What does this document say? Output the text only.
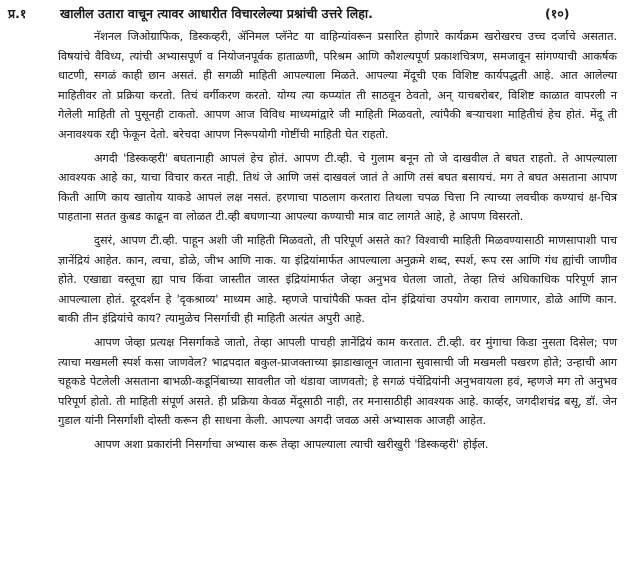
प्र.१	खालील उतारा वाचून त्यावर आधारीत विचारलेल्या प्रश्नांची उत्तरे लिहा.	(१०)

नॅशनल जिओग्राफिक, डिस्कव्हरी, ॲनिमल प्लॅनेट या वाहिन्यांवरून प्रसारित होणारे कार्यक्रम खरोखरच उच्च दर्जाचे असतात. विषयांचे वैविध्य, त्यांची अभ्यासपूर्ण व नियोजनपूर्वक हाताळणी, परिश्रम आणि कौशल्यपूर्ण प्रकाशचित्रण, समजावून सांगण्याची आकर्षक धाटणी, सगळं काही छान असतं. ही सगळी माहिती आपल्याला मिळते. आपल्या मेंदूची एक विशिष्ट कार्यपद्धती आहे. आत आलेल्या माहितीवर तो प्रक्रिया करतो. तिचं वर्गीकरण करतो. योग्य त्या कप्प्यांत ती साठवून ठेवतो, अन् याचबरोबर, विशिष्ट काळात वापरली न गेलेली माहिती तो पुसूनही टाकतो. आपण आज विविध माध्यमांद्वारे जी माहिती मिळवतो, त्यांपैकी बऱ्याचशा माहितीचं हेच होतं. मेंदू ती अनावश्यक रद्दी फेकून देतो. बरेचदा आपण निरूपयोगी गोष्टींची माहिती घेत राहतो.

अगदी 'डिस्कव्हरी' बघतानाही आपलं हेच होतं. आपण टी.व्ही. चे गुलाम बनून तो जे दाखवील ते बघत राहतो. ते आपल्याला आवश्यक आहे का, याचा विचार करत नाही. तिथं जे आणि जसं दाखवलं जातं ते आणि तसं बघत बसायचं. मग ते बघत असताना आपण किती आणि काय खातोय याकडे आपलं लक्ष नसतं. हरणाचा पाठलाग करतारा तिथला चपळ चित्ता नि त्याच्या लवचीक कण्याचं क्ष-चित्र पाहताना सतत कुबड काढून वा लोळत टी.व्ही बघणाऱ्या आपल्या कण्याची मात्र वाट लागते आहे, हे आपण विसरतो.

दुसरं, आपण टी.व्ही. पाहून अशी जी माहिती मिळवतो, ती परिपूर्ण असते का? विश्वाची माहिती मिळवण्यासाठी माणसापाशी पाच ज्ञानेंद्रियं आहेत. कान, त्वचा, डोळे, जीभ आणि नाक. या इंद्रियांमार्फत आपल्याला अनुक्रमे शब्द, स्पर्श, रूप रस आणि गंध ह्यांची जाणीव होते. एखाद्या वस्तूचा ह्या पाच किंवा जास्तीत जास्त इंद्रियांमार्फत जेव्हा अनुभव घेतला जातो, तेव्हा तिचं अधिकाधिक परिपूर्ण ज्ञान आपल्याला होतं. दूरदर्शन हे 'दृकश्राव्य' माध्यम आहे. म्हणजे पाचांपैकी फक्त दोन इंद्रियांचा उपयोग करावा लागणार, डोळे आणि कान. बाकी तीन इंद्रियांचे काय? त्यामुळेच निसर्गाची ही माहिती अत्यंत अपुरी आहे.

आपण जेव्हा प्रत्यक्ष निसर्गाकडे जातो, तेव्हा आपली पाचही ज्ञानेंद्रियं काम करतात. टी.व्ही. वर मुंगाचा किडा नुसता दिसेल; पण त्याचा मखमली स्पर्श कसा जाणवेल? भाद्रपदात बकुल-प्राजक्ताच्या झाडाखालून जाताना सुवासाची जी मखमली पखरण होते; उन्हाची आग चहूकडे पेटलेली असताना बाभळी-कडूनिंबाच्या सावलीत जो थंडावा जाणवतो; हे सगळं पंचेंद्रियांनी अनुभवायला हवं, म्हणजे मग तो अनुभव परिपूर्ण होतो. ती माहिती संपूर्ण असते. ही प्रक्रिया केवळ मेंदूसाठी नाही, तर मनासाठीही आवश्यक आहे. कार्व्हर, जगदीशचंद्र बसू, डॉ. जेन गुडाल यांनी निसर्गाशी दोस्ती करून ही साधना केली. आपल्या अगदी जवळ असे अभ्यासक आजही आहेत.

आपण अशा प्रकारांनी निसर्गाचा अभ्यास करू तेव्हा आपल्याला त्याची खरीखुरी 'डिस्कव्हरी' होईल.
